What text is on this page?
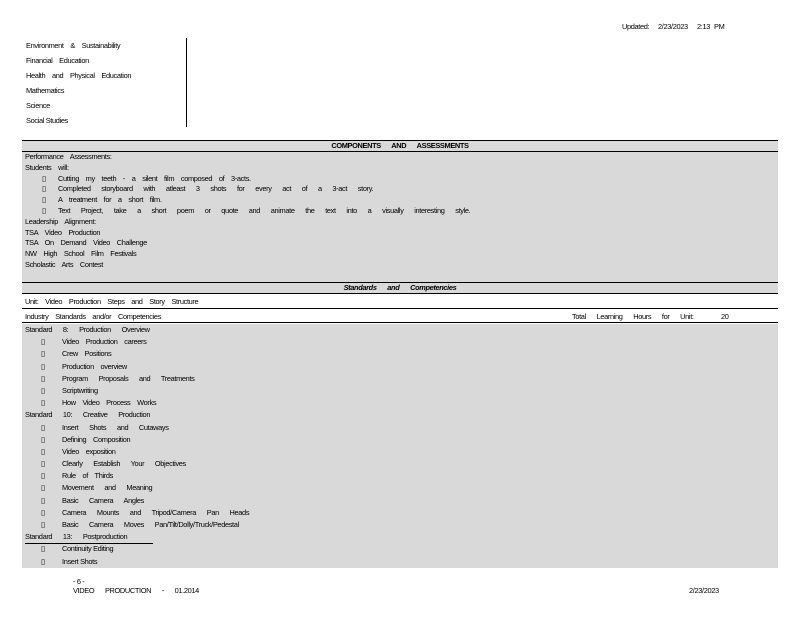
Updated: 2/23/2023 2:13 PM
Environment & Sustainability
Financial Education
Health and Physical Education
Mathematics
Science
Social Studies
COMPONENTS AND ASSESSMENTS
Performance Assessments:
Students will:
▯ Cutting my teeth - a silent film composed of 3-acts.
▯ Completed storyboard with atleast 3 shots for every act of a 3-act story.
▯ A treatment for a short film.
▯ Text Project, take a short poem or quote and animate the text into a visually interesting style.
Leadership Alignment:
TSA Video Production
TSA On Demand Video Challenge
NW High School Film Festivals
Scholastic Arts Contest
Standards and Competencies
Unit: Video Production Steps and Story Structure
Industry Standards and/or Competencies	Total Learning Hours for Unit:	20
Standard 8: Production Overview
▯ Video Production careers
▯ Crew Positions
▯ Production overview
▯ Program Proposals and Treatments
▯ Scriptwriting
▯ How Video Process Works
Standard 10: Creative Production
▯ Insert Shots and Cutaways
▯ Defining Composition
▯ Video exposition
▯ Clearly Establish Your Objectives
▯ Rule of Thirds
▯ Movement and Meaning
▯ Basic Camera Angles
▯ Camera Mounts and Tripod/Camera Pan Heads
▯ Basic Camera Moves Pan/Tilt/Dolly/Truck/Pedestal
Standard 13: Postproduction
▯ Continuity Editing
▯ Insert Shots
- 6 -
VIDEO PRODUCTION - 01.2014	2/23/2023
